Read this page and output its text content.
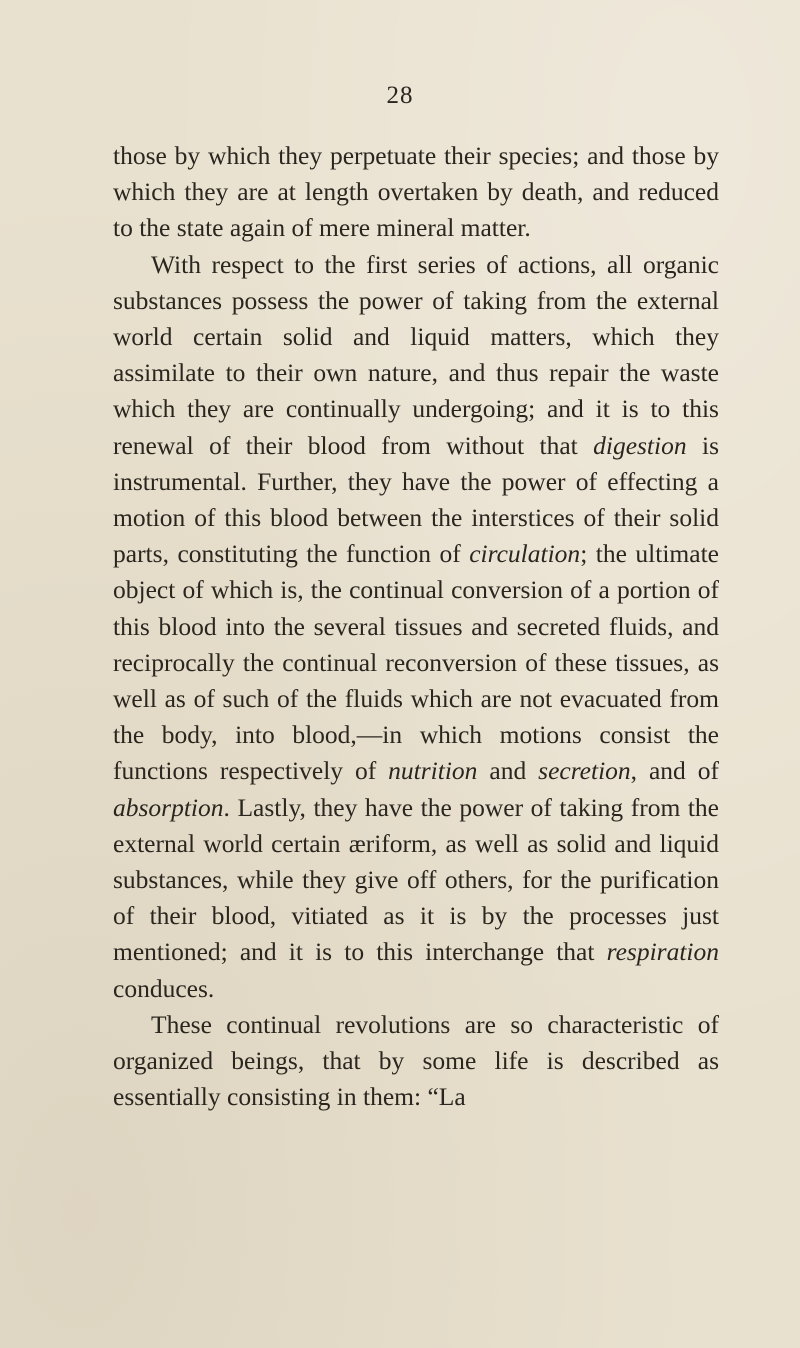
28

those by which they perpetuate their species; and those by which they are at length overtaken by death, and reduced to the state again of mere mineral matter.

With respect to the first series of actions, all organic substances possess the power of taking from the external world certain solid and liquid matters, which they assimilate to their own nature, and thus repair the waste which they are continually undergoing; and it is to this renewal of their blood from without that digestion is instrumental. Further, they have the power of effecting a motion of this blood between the interstices of their solid parts, constituting the function of circulation; the ultimate object of which is, the continual conversion of a portion of this blood into the several tissues and secreted fluids, and reciprocally the continual reconversion of these tissues, as well as of such of the fluids which are not evacuated from the body, into blood,—in which motions consist the functions respectively of nutrition and secretion, and of absorption. Lastly, they have the power of taking from the external world certain æriform, as well as solid and liquid substances, while they give off others, for the purification of their blood, vitiated as it is by the processes just mentioned; and it is to this interchange that respiration conduces.

These continual revolutions are so characteristic of organized beings, that by some life is described as essentially consisting in them: “La
